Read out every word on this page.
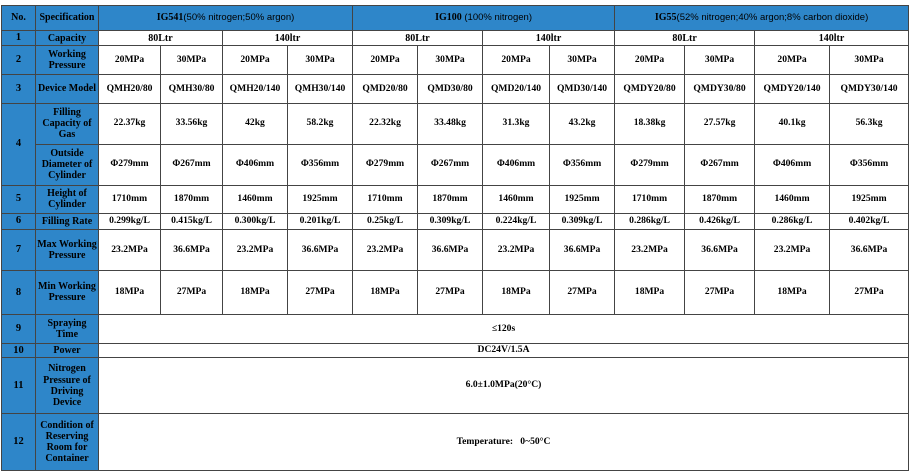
No.	Specification	IG541(50% nitrogen;50% argon)				IG100 (100% nitrogen)				IG55(52% nitrogen;40% argon;8% carbon dioxide)			
1	Capacity	80Ltr		140ltr		80Ltr		140ltr		80Ltr		140ltr	
2	Working Pressure	20MPa	30MPa	20MPa	30MPa	20MPa	30MPa	20MPa	30MPa	20MPa	30MPa	20MPa	30MPa
3	Device Model	QMH20/80	QMH30/80	QMH20/140	QMH30/140	QMD20/80	QMD30/80	QMD20/140	QMD30/140	QMDY20/80	QMDY30/80	QMDY20/140	QMDY30/140
4	Filling Capacity of Gas	22.37kg	33.56kg	42kg	58.2kg	22.32kg	33.48kg	31.3kg	43.2kg	18.38kg	27.57kg	40.1kg	56.3kg
	Outside Diameter of Cylinder	Φ279mm	Φ267mm	Φ406mm	Φ356mm	Φ279mm	Φ267mm	Φ406mm	Φ356mm	Φ279mm	Φ267mm	Φ406mm	Φ356mm
5	Height of Cylinder	1710mm	1870mm	1460mm	1925mm	1710mm	1870mm	1460mm	1925mm	1710mm	1870mm	1460mm	1925mm
6	Filling Rate	0.299kg/L	0.415kg/L	0.300kg/L	0.201kg/L	0.25kg/L	0.309kg/L	0.224kg/L	0.309kg/L	0.286kg/L	0.426kg/L	0.286kg/L	0.402kg/L
7	Max Working Pressure	23.2MPa	36.6MPa	23.2MPa	36.6MPa	23.2MPa	36.6MPa	23.2MPa	36.6MPa	23.2MPa	36.6MPa	23.2MPa	36.6MPa
8	Min Working Pressure	18MPa	27MPa	18MPa	27MPa	18MPa	27MPa	18MPa	27MPa	18MPa	27MPa	18MPa	27MPa
9	Spraying Time	≤120s											
10	Power	DC24V/1.5A											
11	Nitrogen Pressure of Driving Device	6.0±1.0MPa(20°C)											
12	Condition of Reserving Room for Container	Temperature:   0~50°C											
